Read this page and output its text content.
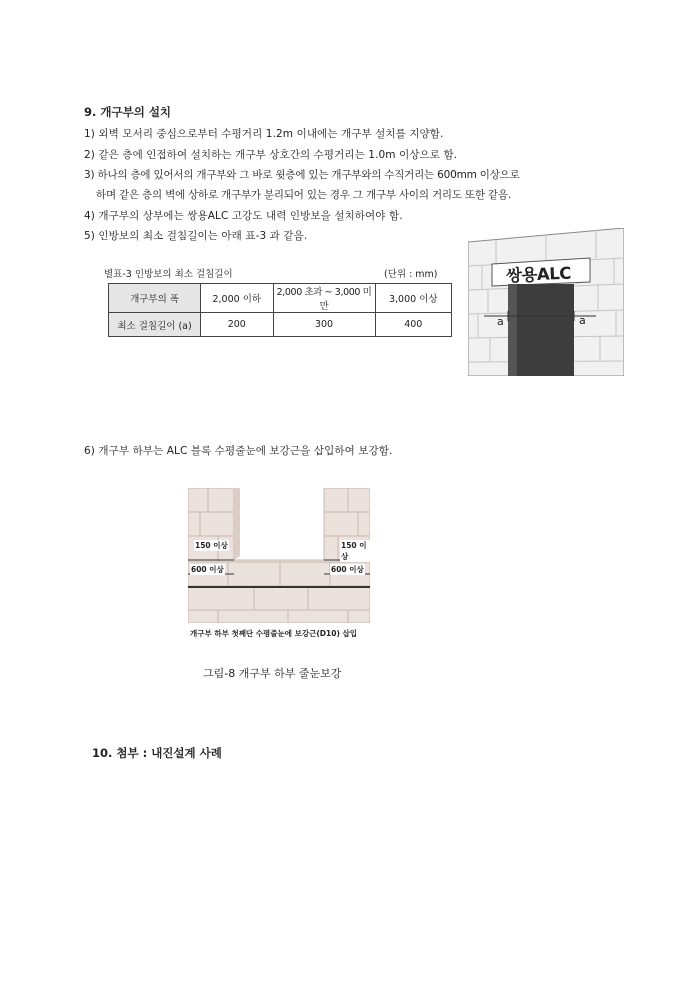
9. 개구부의 설치
1) 외벽 모서리 중심으로부터 수평거리 1.2m 이내에는 개구부 설치를 지양함.
2) 같은 층에 인접하여 설치하는 개구부 상호간의 수평거리는 1.0m 이상으로 함.
3) 하나의 층에 있어서의 개구부와 그 바로 윗층에 있는 개구부와의 수직거리는 600mm 이상으로
하며 같은 층의 벽에 상하로 개구부가 분리되어 있는 경우 그 개구부 사이의 거리도 또한 같음.
4) 개구부의 상부에는 쌍용ALC 고강도 내력 인방보을 설치하여야 함.
5) 인방보의 최소 걸침길이는 아래 표-3 과 같음.
별표-3 인방보의 최소 걸침길이	(단위 : mm)
개구부의 폭	2,000 이하	2,000 초과 ~ 3,000 미만	3,000 이상
최소 걸침길이 (a)	200	300	400
쌍용ALC
a	a
6) 개구부 하부는 ALC 블록 수평줄눈에 보강근을 삽입하여 보강함.
150 이상	150 이상
600 이상	600 이상
개구부 하부 첫째단 수평줄눈에 보강근(D10) 삽입
그림-8 개구부 하부 줄눈보강
10. 첨부 : 내진설계 사례
